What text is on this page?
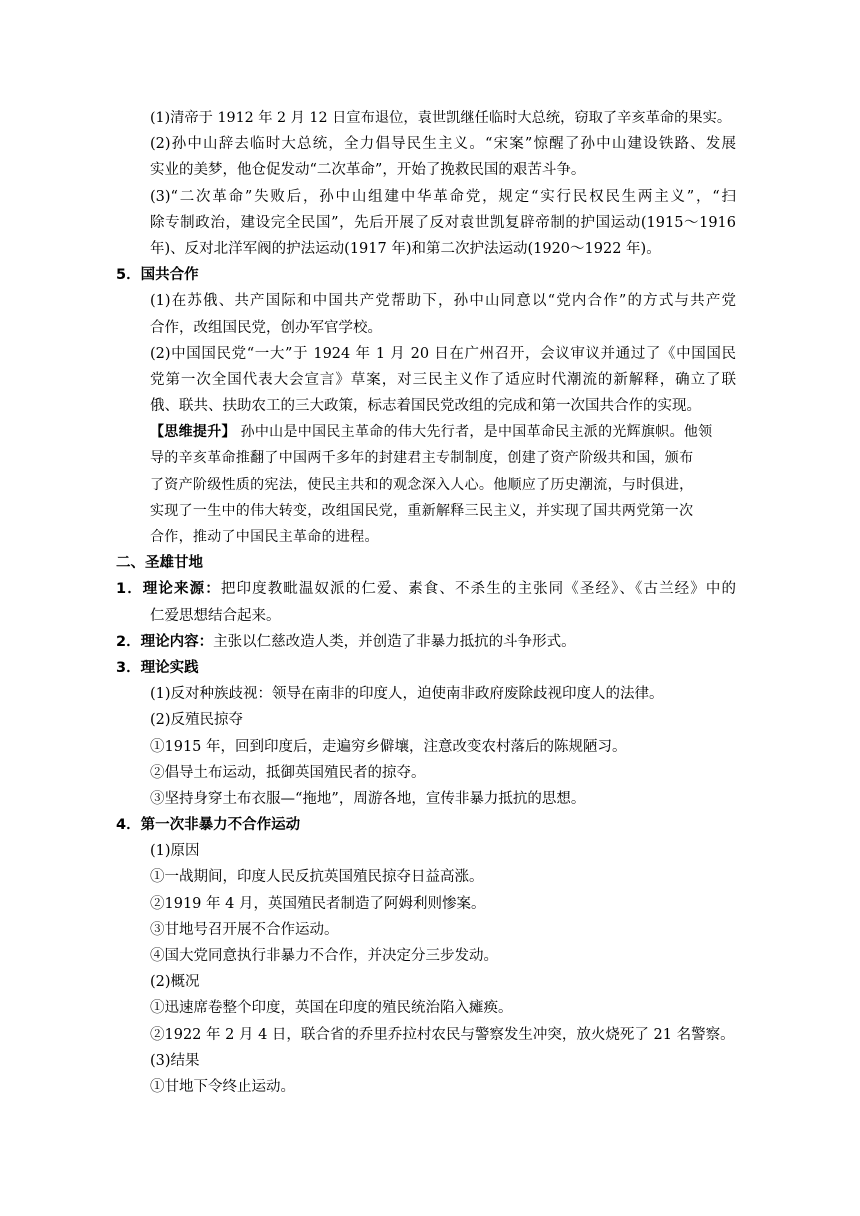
(1)清帝于 1912 年 2 月 12 日宣布退位，袁世凯继任临时大总统，窃取了辛亥革命的果实。
(2)孙中山辞去临时大总统，全力倡导民生主义。“宋案”惊醒了孙中山建设铁路、发展
实业的美梦，他仓促发动“二次革命”，开始了挽救民国的艰苦斗争。
(3)“二次革命”失败后，孙中山组建中华革命党，规定“实行民权民生两主义”，“扫
除专制政治，建设完全民国”，先后开展了反对袁世凯复辟帝制的护国运动(1915～1916
年)、反对北洋军阀的护法运动(1917 年)和第二次护法运动(1920～1922 年)。
5．国共合作
(1)在苏俄、共产国际和中国共产党帮助下，孙中山同意以“党内合作”的方式与共产党
合作，改组国民党，创办军官学校。
(2)中国国民党“一大”于 1924 年 1 月 20 日在广州召开，会议审议并通过了《中国国民
党第一次全国代表大会宣言》草案，对三民主义作了适应时代潮流的新解释，确立了联
俄、联共、扶助农工的三大政策，标志着国民党改组的完成和第一次国共合作的实现。
【思维提升】 孙中山是中国民主革命的伟大先行者，是中国革命民主派的光辉旗帜。他领
导的辛亥革命推翻了中国两千多年的封建君主专制制度，创建了资产阶级共和国，颁布
了资产阶级性质的宪法，使民主共和的观念深入人心。他顺应了历史潮流，与时俱进，
实现了一生中的伟大转变，改组国民党，重新解释三民主义，并实现了国共两党第一次
合作，推动了中国民主革命的进程。
二、圣雄甘地
1．理论来源：把印度教毗温奴派的仁爱、素食、不杀生的主张同《圣经》、《古兰经》中的
仁爱思想结合起来。
2．理论内容：主张以仁慈改造人类，并创造了非暴力抵抗的斗争形式。
3．理论实践
(1)反对种族歧视：领导在南非的印度人，迫使南非政府废除歧视印度人的法律。
(2)反殖民掠夺
①1915 年，回到印度后，走遍穷乡僻壤，注意改变农村落后的陈规陋习。
②倡导土布运动，抵御英国殖民者的掠夺。
③坚持身穿土布衣服—“拖地”，周游各地，宣传非暴力抵抗的思想。
4．第一次非暴力不合作运动
(1)原因
①一战期间，印度人民反抗英国殖民掠夺日益高涨。
②1919 年 4 月，英国殖民者制造了阿姆利则惨案。
③甘地号召开展不合作运动。
④国大党同意执行非暴力不合作，并决定分三步发动。
(2)概况
①迅速席卷整个印度，英国在印度的殖民统治陷入瘫痪。
②1922 年 2 月 4 日，联合省的乔里乔拉村农民与警察发生冲突，放火烧死了 21 名警察。
(3)结果
①甘地下令终止运动。
